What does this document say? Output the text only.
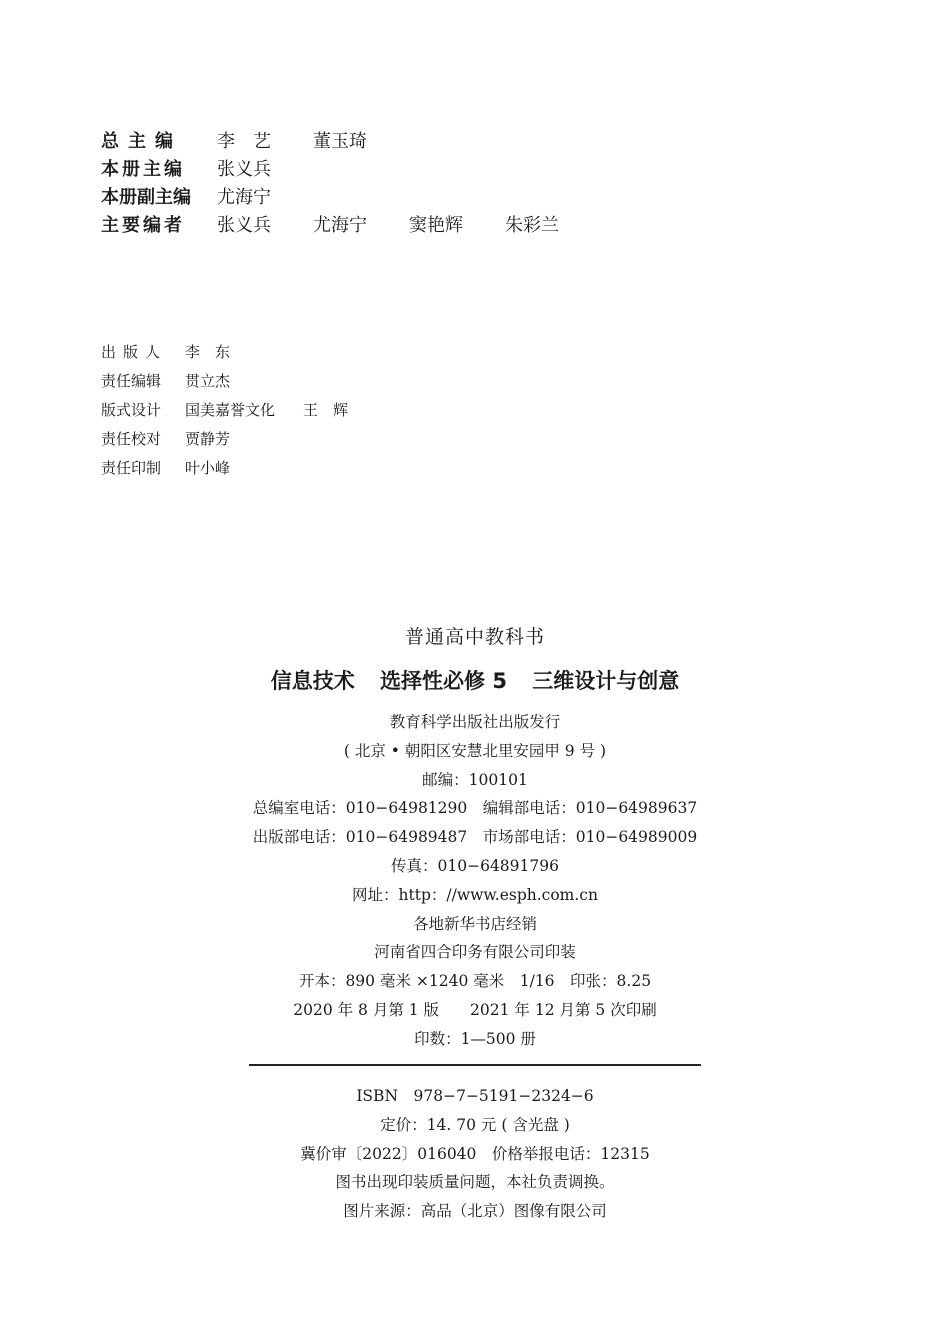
总主编	李　艺 董玉琦
本册主编	张义兵
本册副主编	尤海宁
主要编者	张义兵 尤海宁 窦艳辉 朱彩兰
出版人	李　东
责任编辑	贯立杰
版式设计	国美嘉誉文化 王　辉
责任校对	贾静芳
责任印制	叶小峰
普通高中教科书
信息技术 选择性必修 5 三维设计与创意
教育科学出版社出版发行
( 北京 • 朝阳区安慧北里安园甲 9 号 )
邮编：100101
总编室电话：010−64981290　编辑部电话：010−64989637
出版部电话：010−64989487　市场部电话：010−64989009
传真：010−64891796
网址：http：//www.esph.com.cn
各地新华书店经销
河南省四合印务有限公司印装
开本：890 毫米 ×1240 毫米　1/16　印张：8.25
2020 年 8 月第 1 版　　2021 年 12 月第 5 次印刷
印数：1—500 册
ISBN　978−7−5191−2324−6
定价：14. 70 元 ( 含光盘 )
冀价审〔2022〕016040　价格举报电话：12315
图书出现印装质量问题，本社负责调换。
图片来源：高品（北京）图像有限公司
